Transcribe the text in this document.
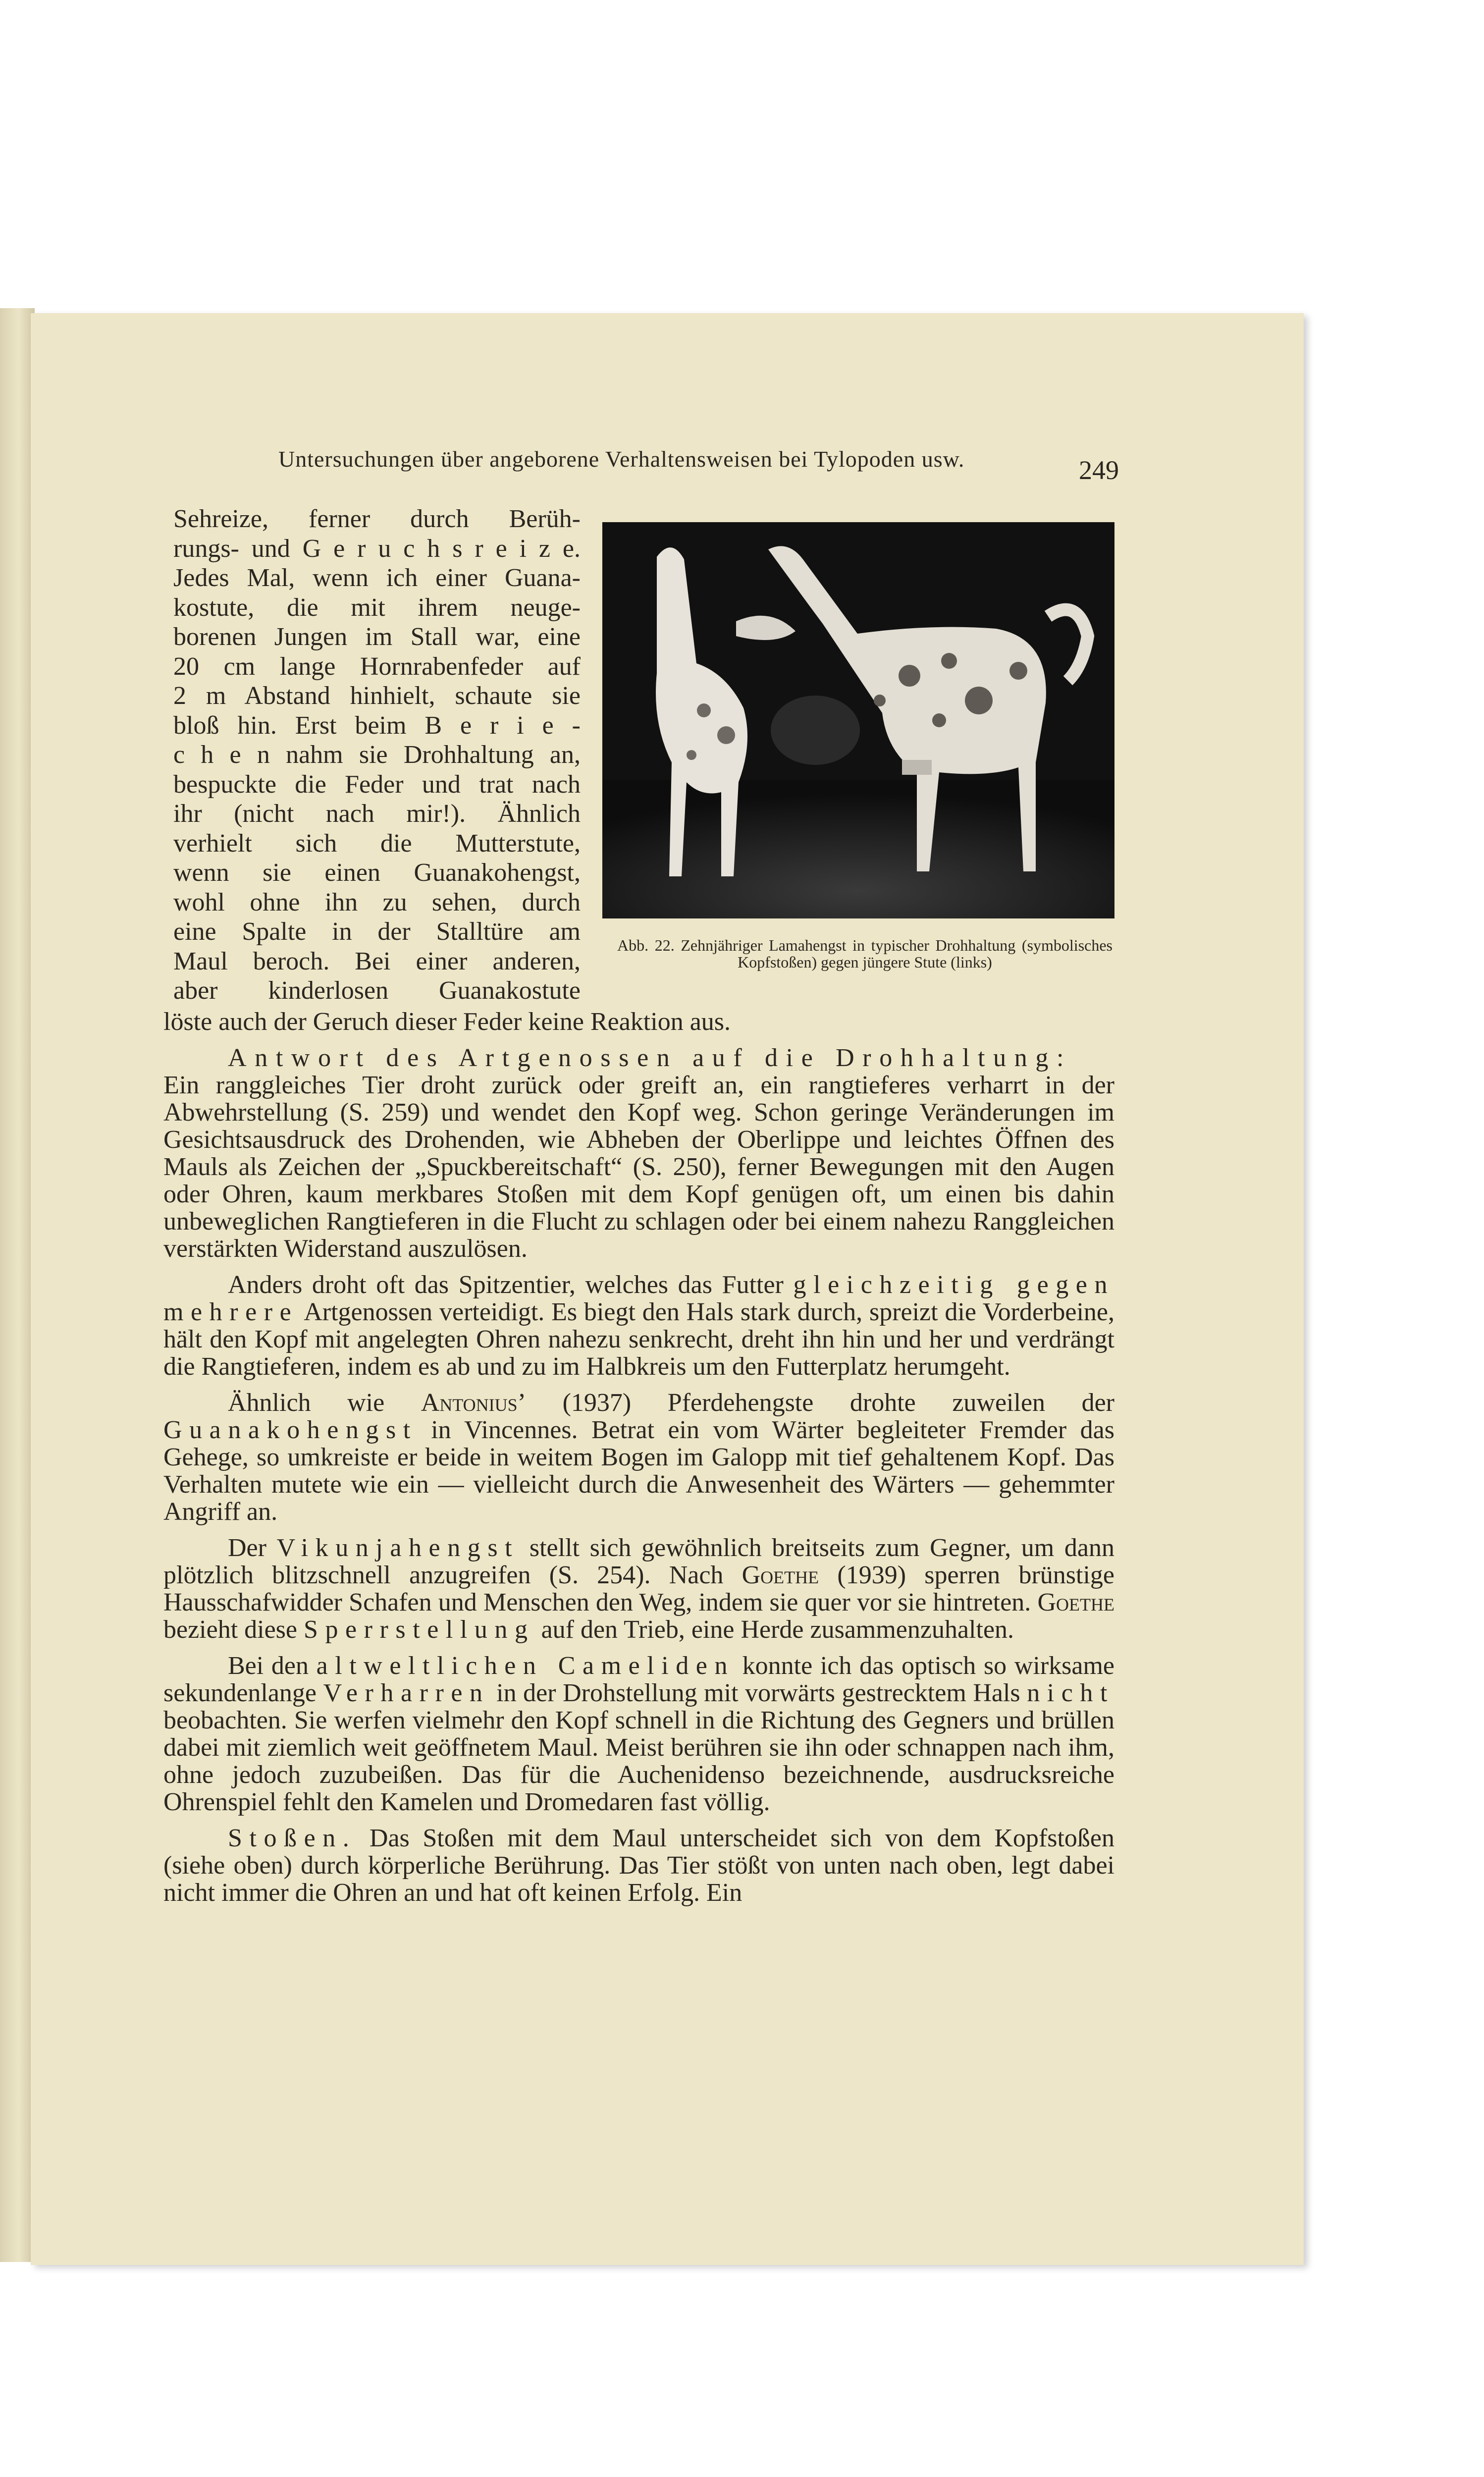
Untersuchungen über angeborene Verhaltensweisen bei Tylopoden usw.	249
Abb. 22. Zehnjähriger Lamahengst in typischer Drohhaltung (symbolisches Kopfstoßen) gegen jüngere Stute (links)
Sehreize, ferner durch Berüh-
rungs- und G e r u c h s r e i z e.
Jedes Mal, wenn ich einer Guana-
kostute, die mit ihrem neuge-
borenen Jungen im Stall war, eine
20 cm lange Hornrabenfeder auf
2 m Abstand hinhielt, schaute sie
bloß hin. Erst beim B e r i e -
c h e n nahm sie Drohhaltung an,
bespuckte die Feder und trat nach
ihr (nicht nach mir!). Ähnlich
verhielt sich die Mutterstute,
wenn sie einen Guanakohengst,
wohl ohne ihn zu sehen, durch
eine Spalte in der Stalltüre am
Maul beroch. Bei einer anderen,
aber kinderlosen Guanakostute

löste auch der Geruch dieser Feder keine Reaktion aus.

Antwort des Artgenossen auf die Drohhaltung:
Ein ranggleiches Tier droht zurück oder greift an, ein rangtieferes verharrt in der Abwehrstellung (S. 259) und wendet den Kopf weg. Schon geringe Veränderungen im Gesichtsausdruck des Drohenden, wie Abheben der Oberlippe und leichtes Öffnen des Mauls als Zeichen der „Spuckbereitschaft“ (S. 250), ferner Bewegungen mit den Augen oder Ohren, kaum merkbares Stoßen mit dem Kopf genügen oft, um einen bis dahin unbeweglichen Rangtieferen in die Flucht zu schlagen oder bei einem nahezu Ranggleichen verstärkten Widerstand auszulösen.

Anders droht oft das Spitzentier, welches das Futter gleichzeitig gegen mehrere Artgenossen verteidigt. Es biegt den Hals stark durch, spreizt die Vorderbeine, hält den Kopf mit angelegten Ohren nahezu senkrecht, dreht ihn hin und her und verdrängt die Rangtieferen, indem es ab und zu im Halbkreis um den Futterplatz herumgeht.

Ähnlich wie Antonius’ (1937) Pferdehengste drohte zuweilen der Guanakohengst in Vincennes. Betrat ein vom Wärter begleiteter Fremder das Gehege, so umkreiste er beide in weitem Bogen im Galopp mit tief gehaltenem Kopf. Das Verhalten mutete wie ein — vielleicht durch die Anwesenheit des Wärters — gehemmter Angriff an.

Der Vikunjahengst stellt sich gewöhnlich breitseits zum Gegner, um dann plötzlich blitzschnell anzugreifen (S. 254). Nach Goethe (1939) sperren brünstige Hausschafwidder Schafen und Menschen den Weg, indem sie quer vor sie hintreten. Goethe bezieht diese Sperrstellung auf den Trieb, eine Herde zusammenzuhalten.

Bei den altweltlichen Cameliden konnte ich das optisch so wirksame sekundenlange Verharren in der Drohstellung mit vorwärts gestrecktem Hals nicht beobachten. Sie werfen vielmehr den Kopf schnell in die Richtung des Gegners und brüllen dabei mit ziemlich weit geöffnetem Maul. Meist berühren sie ihn oder schnappen nach ihm, ohne jedoch zuzubeißen. Das für die Auchenidenso bezeichnende, ausdrucksreiche Ohrenspiel fehlt den Kamelen und Dromedaren fast völlig.

Stoßen. Das Stoßen mit dem Maul unterscheidet sich von dem Kopfstoßen (siehe oben) durch körperliche Berührung. Das Tier stößt von unten nach oben, legt dabei nicht immer die Ohren an und hat oft keinen Erfolg. Ein
